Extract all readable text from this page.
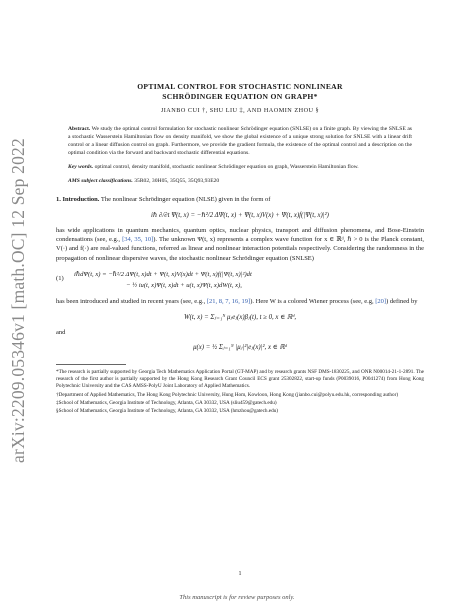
arXiv:2209.05346v1 [math.OC] 12 Sep 2022

OPTIMAL CONTROL FOR STOCHASTIC NONLINEAR
SCHRÖDINGER EQUATION ON GRAPH*

JIANBO CUI †, SHU LIU ‡, AND HAOMIN ZHOU §

Abstract. We study the optimal control formulation for stochastic nonlinear Schrödinger equation (SNLSE) on a finite graph. By viewing the SNLSE as a stochastic Wasserstein Hamiltonian flow on density manifold, we show the global existence of a unique strong solution for SNLSE with a linear drift control or a linear diffusion control on graph. Furthermore, we provide the gradient formula, the existence of the optimal control and a description on the optimal condition via the forward and backward stochastic differential equations.

Key words. optimal control, density manifold, stochastic nonlinear Schrödinger equation on graph, Wasserstein Hamiltonian flow.

AMS subject classifications. 35R02, 30H05, 35Q55, 35Q93,93E20

1. Introduction. The nonlinear Schrödinger equation (NLSE) given in the form of

iℏ ∂/∂t Ψ(t, x) = −ℏ²/2 ΔΨ(t, x) + Ψ(t, x)V(x) + Ψ(t, x)f(|Ψ(t, x)|²)

has wide applications in quantum mechanics, quantum optics, nuclear physics, transport and diffusion phenomena, and Bose-Einstein condensations (see, e.g., [34, 35, 10]). The unknown Ψ(t, x) represents a complex wave function for x ∈ ℝᵈ, ℏ > 0 is the Planck constant, V(·) and f(·) are real-valued functions, referred as linear and nonlinear interaction potentials respectively. Considering the randomness in the propagation of nonlinear dispersive waves, the stochastic nonlinear Schrödinger equation (SNLSE)

(1)
iℏdΨ(t, x) = −ℏ²/2 ΔΨ(t, x)dt + Ψ(t, x)V(x)dt + Ψ(t, x)f(|Ψ(t, x)|²)dt
− ½ iu(t, x)Ψ(t, x)dt + u(t, x)Ψ(t, x)dW(t, x),

has been introduced and studied in recent years (see, e.g., [21, 8, 7, 16, 19]). Here W is a colored Wiener process (see, e.g, [20]) defined by

W(t, x) = Σⱼ₌₁ᴺ μⱼeⱼ(x)βⱼ(t), t ≥ 0, x ∈ ℝᵈ,

and

μ(x) = ½ Σⱼ₌₁ᴺ |μⱼ|²|eⱼ(x)|², x ∈ ℝᵈ

*The research is partially supported by Georgia Tech Mathematics Application Portal (GT-MAP) and by research grants NSF DMS-1830225, and ONR N00014-21-1-2891. The research of the first author is partially supported by the Hong Kong Research Grant Council ECS grant 25302822, start-up funds (P0039016, P0041274) from Hong Kong Polytechnic University and the CAS AMSS-PolyU Joint Laboratory of Applied Mathematics.

†Department of Applied Mathematics, The Hong Kong Polytechnic University, Hung Hom, Kowloon, Hong Kong (jianbo.cui@polyu.edu.hk, corresponding author)

‡School of Mathematics, Georgia Institute of Technology, Atlanta, GA 30332, USA (sliu459@gatech.edu)

§School of Mathematics, Georgia Institute of Technology, Atlanta, GA 30332, USA (hmzhou@gatech.edu)

1
This manuscript is for review purposes only.
